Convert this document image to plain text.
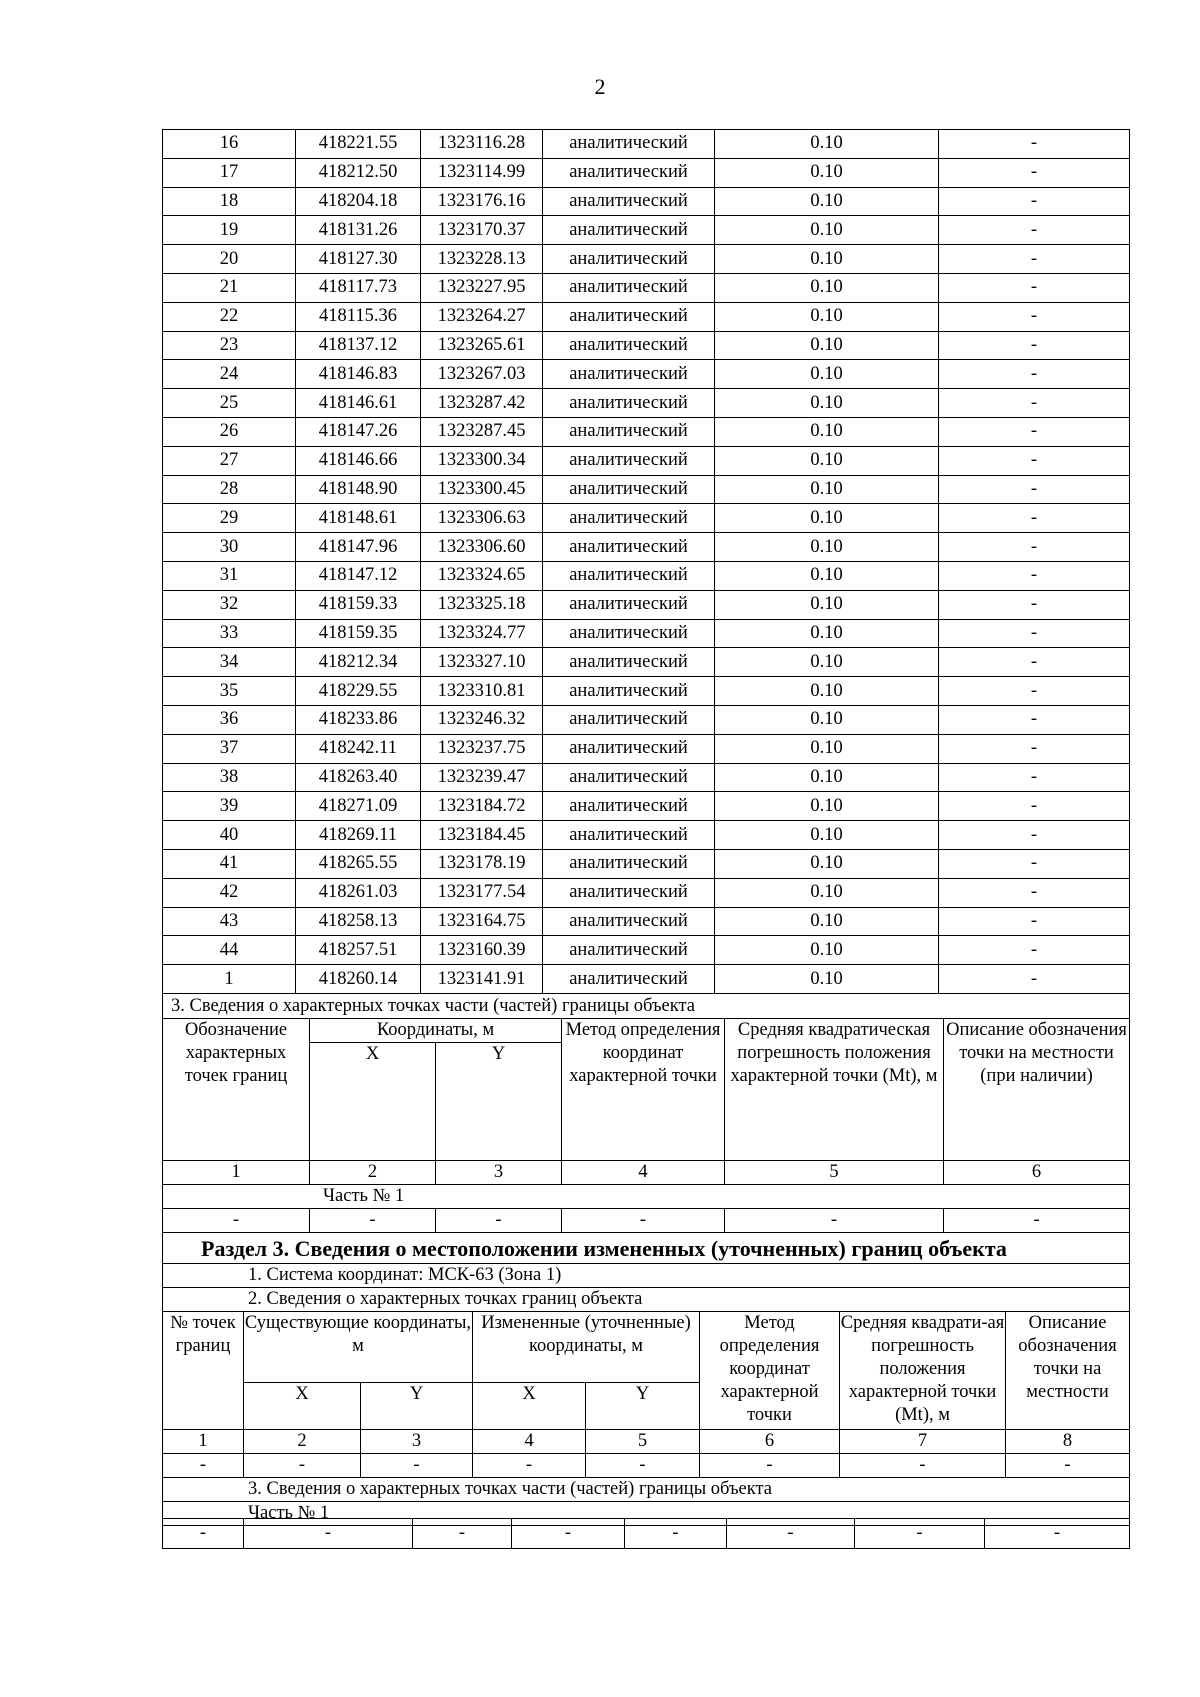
2
16	418221.55	1323116.28	аналитический	0.10	-
17	418212.50	1323114.99	аналитический	0.10	-
18	418204.18	1323176.16	аналитический	0.10	-
19	418131.26	1323170.37	аналитический	0.10	-
20	418127.30	1323228.13	аналитический	0.10	-
21	418117.73	1323227.95	аналитический	0.10	-
22	418115.36	1323264.27	аналитический	0.10	-
23	418137.12	1323265.61	аналитический	0.10	-
24	418146.83	1323267.03	аналитический	0.10	-
25	418146.61	1323287.42	аналитический	0.10	-
26	418147.26	1323287.45	аналитический	0.10	-
27	418146.66	1323300.34	аналитический	0.10	-
28	418148.90	1323300.45	аналитический	0.10	-
29	418148.61	1323306.63	аналитический	0.10	-
30	418147.96	1323306.60	аналитический	0.10	-
31	418147.12	1323324.65	аналитический	0.10	-
32	418159.33	1323325.18	аналитический	0.10	-
33	418159.35	1323324.77	аналитический	0.10	-
34	418212.34	1323327.10	аналитический	0.10	-
35	418229.55	1323310.81	аналитический	0.10	-
36	418233.86	1323246.32	аналитический	0.10	-
37	418242.11	1323237.75	аналитический	0.10	-
38	418263.40	1323239.47	аналитический	0.10	-
39	418271.09	1323184.72	аналитический	0.10	-
40	418269.11	1323184.45	аналитический	0.10	-
41	418265.55	1323178.19	аналитический	0.10	-
42	418261.03	1323177.54	аналитический	0.10	-
43	418258.13	1323164.75	аналитический	0.10	-
44	418257.51	1323160.39	аналитический	0.10	-
1	418260.14	1323141.91	аналитический	0.10	-
3. Сведения о характерных точках части (частей) границы объекта					
Обозначение характерных точек границ	Координаты, м		Метод определения координат характерной точки	Средняя квадратическая погрешность положения характерной точки (Mt), м	Описание обозначения точки на местности (при наличии)
	X	Y			
1	2	3	4	5	6
Часть № 1					
-	-	-	-	-	-
Раздел 3. Сведения о местоположении измененных (уточненных) границ объекта							
1. Система координат: МСК-63 (Зона 1)							
2. Сведения о характерных точках границ объекта							
№ точек границ	Существующие координаты, м		Измененные (уточненные) координаты, м		Метод определения координат характерной точки	Средняя квадрати-ая погрешность положения характерной точки (Mt), м	Описание обозначения точки на местности
	X	Y	X	Y			
1	2	3	4	5	6	7	8
-	-	-	-	-	-	-	-
3. Сведения о характерных точках части (частей) границы объекта							
Часть № 1							
-	-	-	-	-	-	-	-
